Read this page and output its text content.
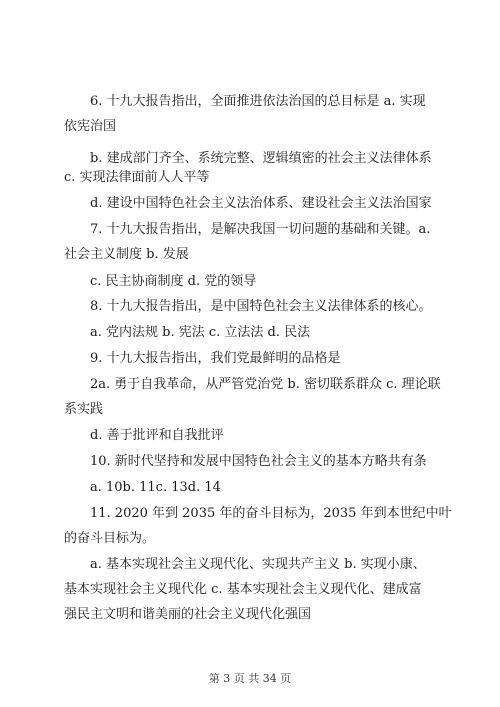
6. 十九大报告指出，全面推进依法治国的总目标是 a. 实现
依宪治国
b. 建成部门齐全、系统完整、逻辑缜密的社会主义法律体系
c. 实现法律面前人人平等
d. 建设中国特色社会主义法治体系、建设社会主义法治国家
7. 十九大报告指出，是解决我国一切问题的基础和关键。a.
社会主义制度 b. 发展
c. 民主协商制度 d. 党的领导
8. 十九大报告指出，是中国特色社会主义法律体系的核心。
a. 党内法规 b. 宪法 c. 立法法 d. 民法
9. 十九大报告指出，我们党最鲜明的品格是
2a. 勇于自我革命，从严管党治党 b. 密切联系群众 c. 理论联
系实践
d. 善于批评和自我批评
10. 新时代坚持和发展中国特色社会主义的基本方略共有条
a. 10b. 11c. 13d. 14
11. 2020 年到 2035 年的奋斗目标为，2035 年到本世纪中叶
的奋斗目标为。
a. 基本实现社会主义现代化、实现共产主义 b. 实现小康、
基本实现社会主义现代化 c. 基本实现社会主义现代化、建成富
强民主文明和谐美丽的社会主义现代化强国
第 3 页 共 34 页
